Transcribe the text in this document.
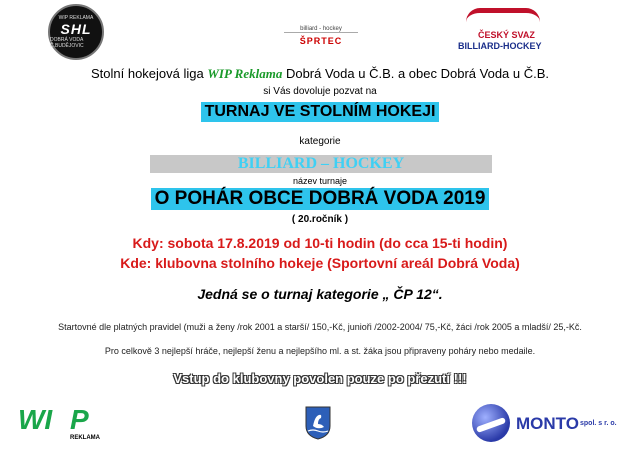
WIP REKLAMA
SHL
DOBRÁ VODA Č.BUDĚJOVIC
billiard - hockey
ŠPRTEC
ČESKÝ SVAZ
BILLIARD-HOCKEY
Stolní hokejová liga WIP Reklama Dobrá Voda u Č.B. a obec Dobrá Voda u Č.B.
si Vás dovoluje pozvat na
TURNAJ VE STOLNÍM HOKEJI
kategorie
BILLIARD – HOCKEY
název turnaje
O POHÁR OBCE DOBRÁ VODA 2019
( 20.ročník )
Kdy: sobota 17.8.2019 od 10-ti hodin (do cca 15-ti hodin)
Kde: klubovna stolního hokeje (Sportovní areál Dobrá Voda)
Jedná se o turnaj kategorie „ ČP 12“.
Startovné dle platných pravidel (muži a ženy /rok 2001 a starší/ 150,-Kč, junioři /2002-2004/ 75,-Kč, žáci /rok 2005 a mladší/ 25,-Kč.
Pro celkově 3 nejlepší hráče, nejlepší ženu a nejlepšího ml. a st. žáka jsou připraveny poháry nebo medaile.
Vstup do klubovny povolen pouze po přezutí !!!
WI P
REKLAMA
MONTO spol. s r. o.
